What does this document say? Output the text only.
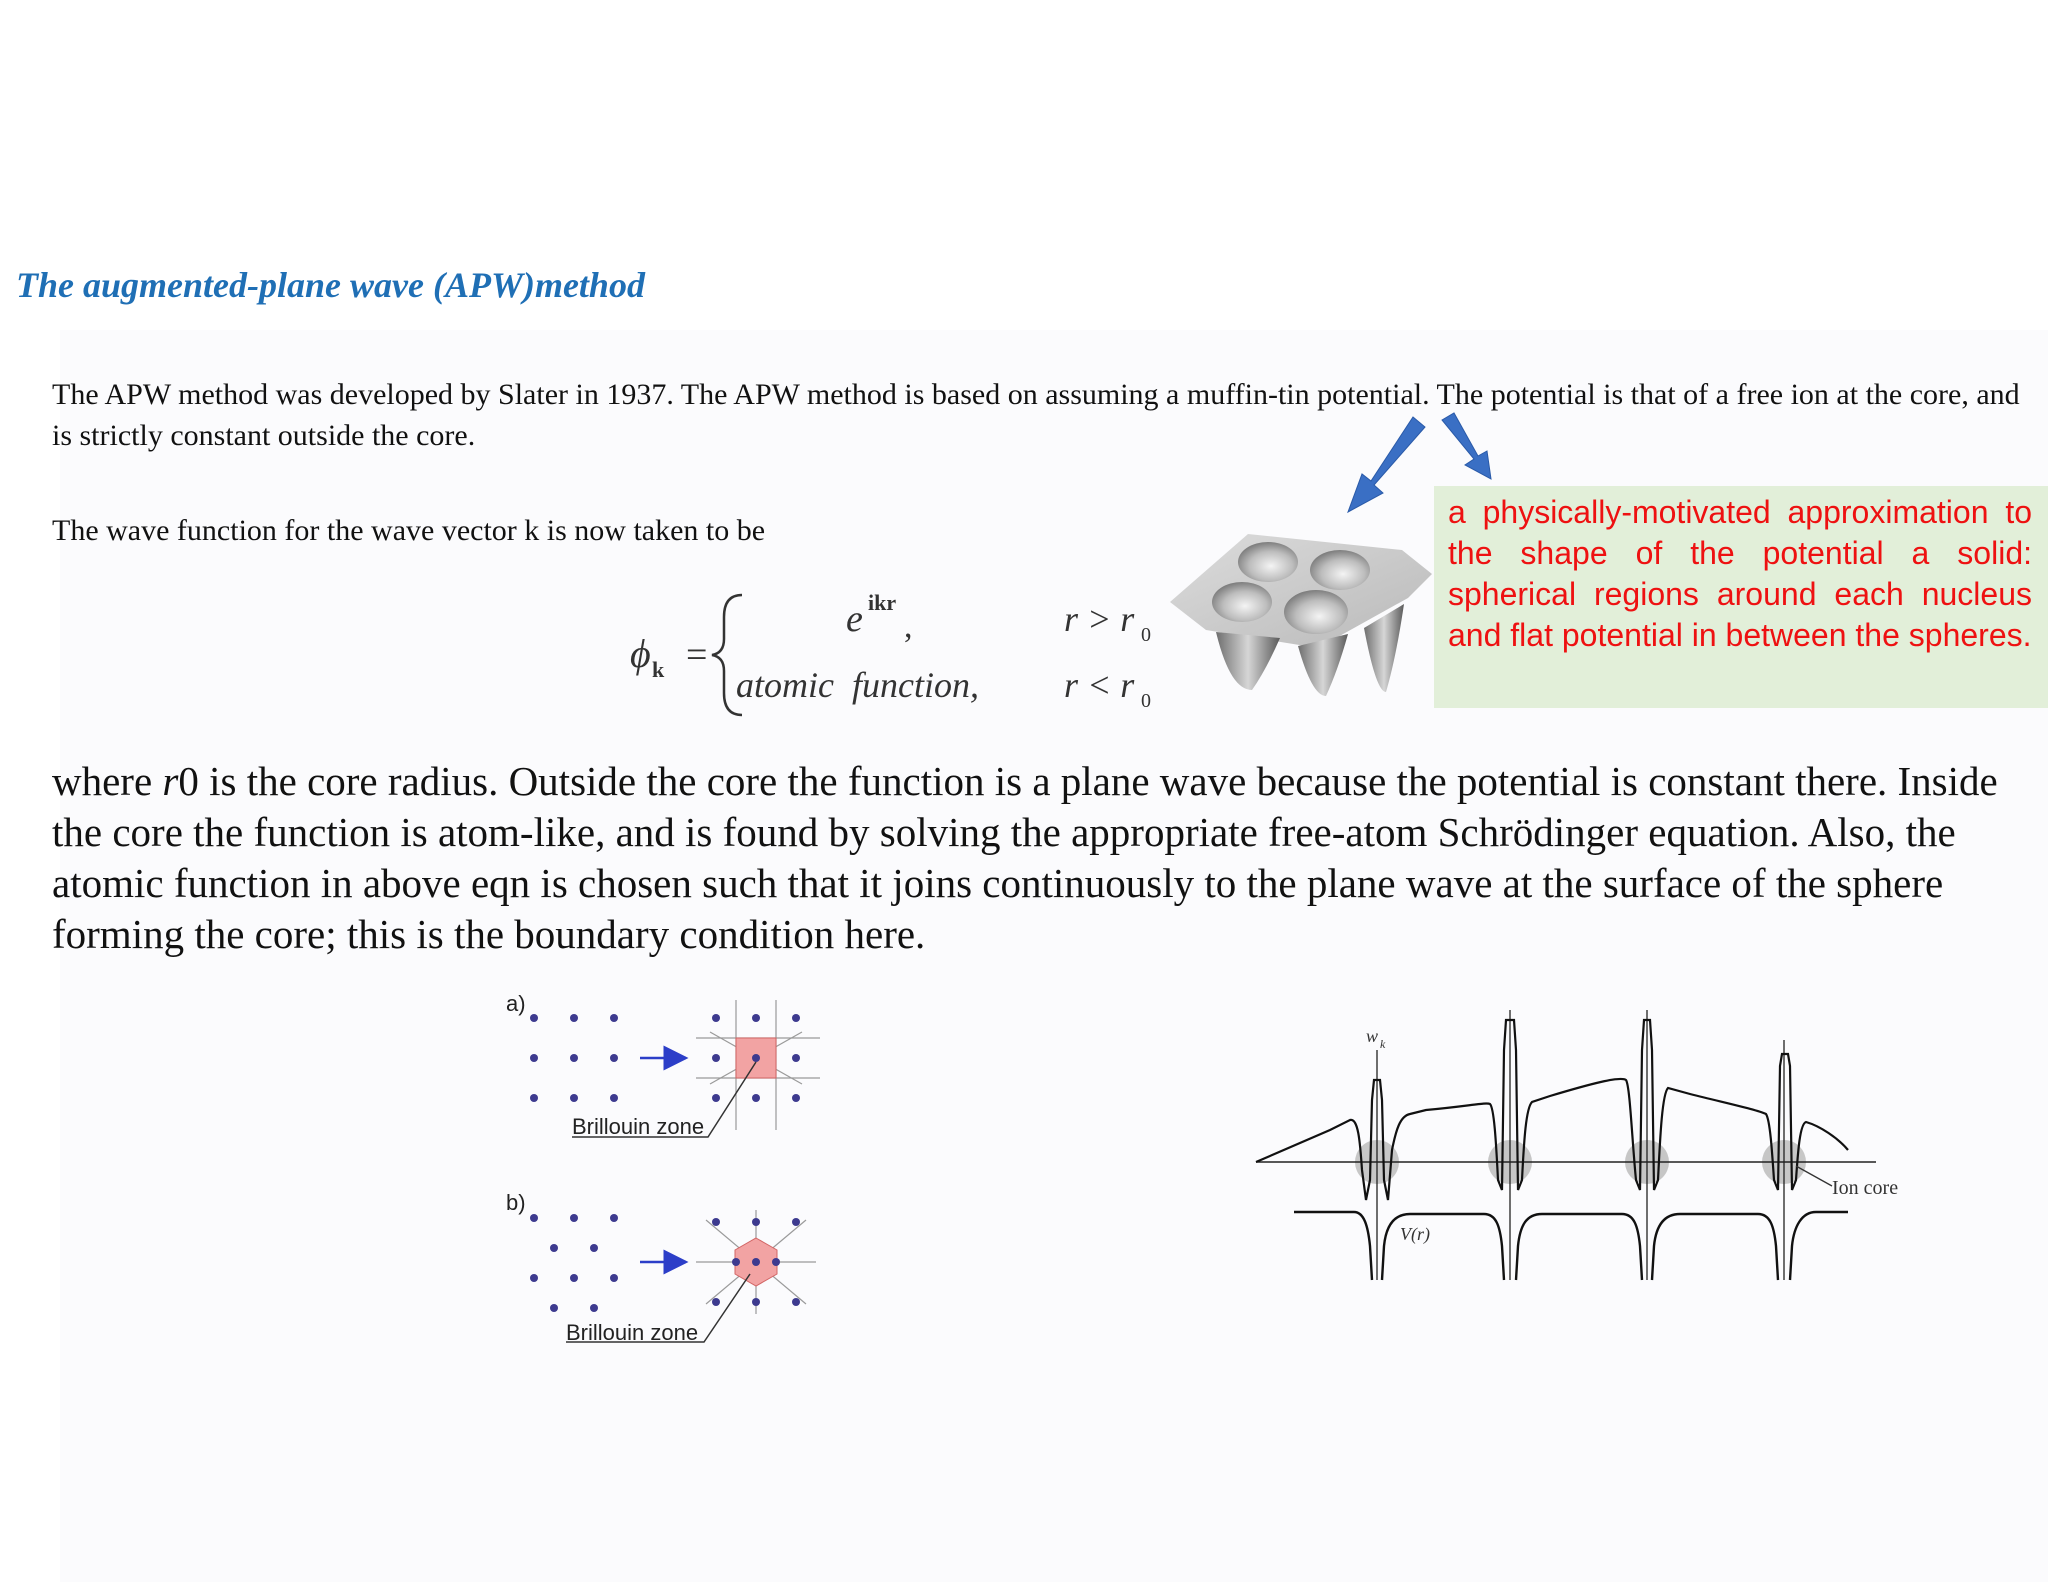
The augmented-plane wave (APW)method

The APW method was developed by Slater in 1937. The APW method is based on assuming a muffin-tin potential. The potential is that of a free ion at the core, and is strictly constant outside the core.

The wave function for the wave vector k is now taken to be
ϕ k =
e ikr
,	r > r 0
atomic  function, r < r 0

a physically-motivated approximation to the shape of the potential a solid: spherical regions around each nucleus and flat potential in between the spheres.

where r0 is the core radius. Outside the core the function is a plane wave because the potential is constant there. Inside the core the function is atom-like, and is found by solving the appropriate free-atom Schrödinger equation. Also, the atomic function in above eqn is chosen such that it joins continuously to the plane wave at the surface of the sphere forming the core; this is the boundary condition here.

a)
Brillouin zone
b)
Brillouin zone
w k
V(r)
Ion core
